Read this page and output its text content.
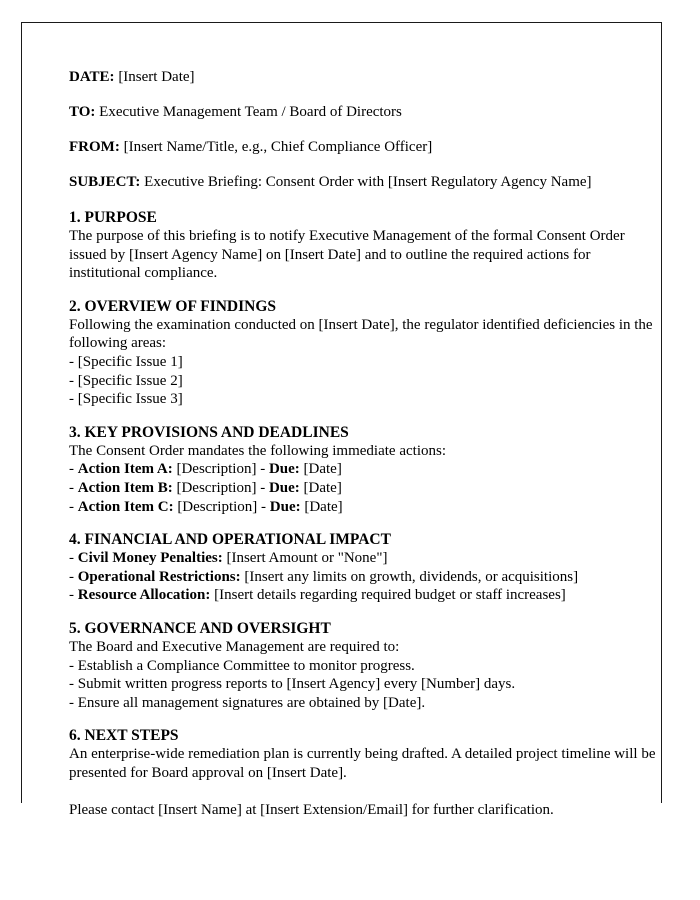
DATE: [Insert Date]

TO: Executive Management Team / Board of Directors

FROM: [Insert Name/Title, e.g., Chief Compliance Officer]

SUBJECT: Executive Briefing: Consent Order with [Insert Regulatory Agency Name]

1. PURPOSE

The purpose of this briefing is to notify Executive Management of the formal Consent Order issued by [Insert Agency Name] on [Insert Date] and to outline the required actions for institutional compliance.

2. OVERVIEW OF FINDINGS

Following the examination conducted on [Insert Date], the regulator identified deficiencies in the following areas:

- [Specific Issue 1]
- [Specific Issue 2]
- [Specific Issue 3]

3. KEY PROVISIONS AND DEADLINES

The Consent Order mandates the following immediate actions:

- Action Item A: [Description] - Due: [Date]
- Action Item B: [Description] - Due: [Date]
- Action Item C: [Description] - Due: [Date]

4. FINANCIAL AND OPERATIONAL IMPACT

- Civil Money Penalties: [Insert Amount or "None"]
- Operational Restrictions: [Insert any limits on growth, dividends, or acquisitions]
- Resource Allocation: [Insert details regarding required budget or staff increases]

5. GOVERNANCE AND OVERSIGHT

The Board and Executive Management are required to:

- Establish a Compliance Committee to monitor progress.
- Submit written progress reports to [Insert Agency] every [Number] days.
- Ensure all management signatures are obtained by [Date].

6. NEXT STEPS

An enterprise-wide remediation plan is currently being drafted. A detailed project timeline will be presented for Board approval on [Insert Date].

Please contact [Insert Name] at [Insert Extension/Email] for further clarification.
